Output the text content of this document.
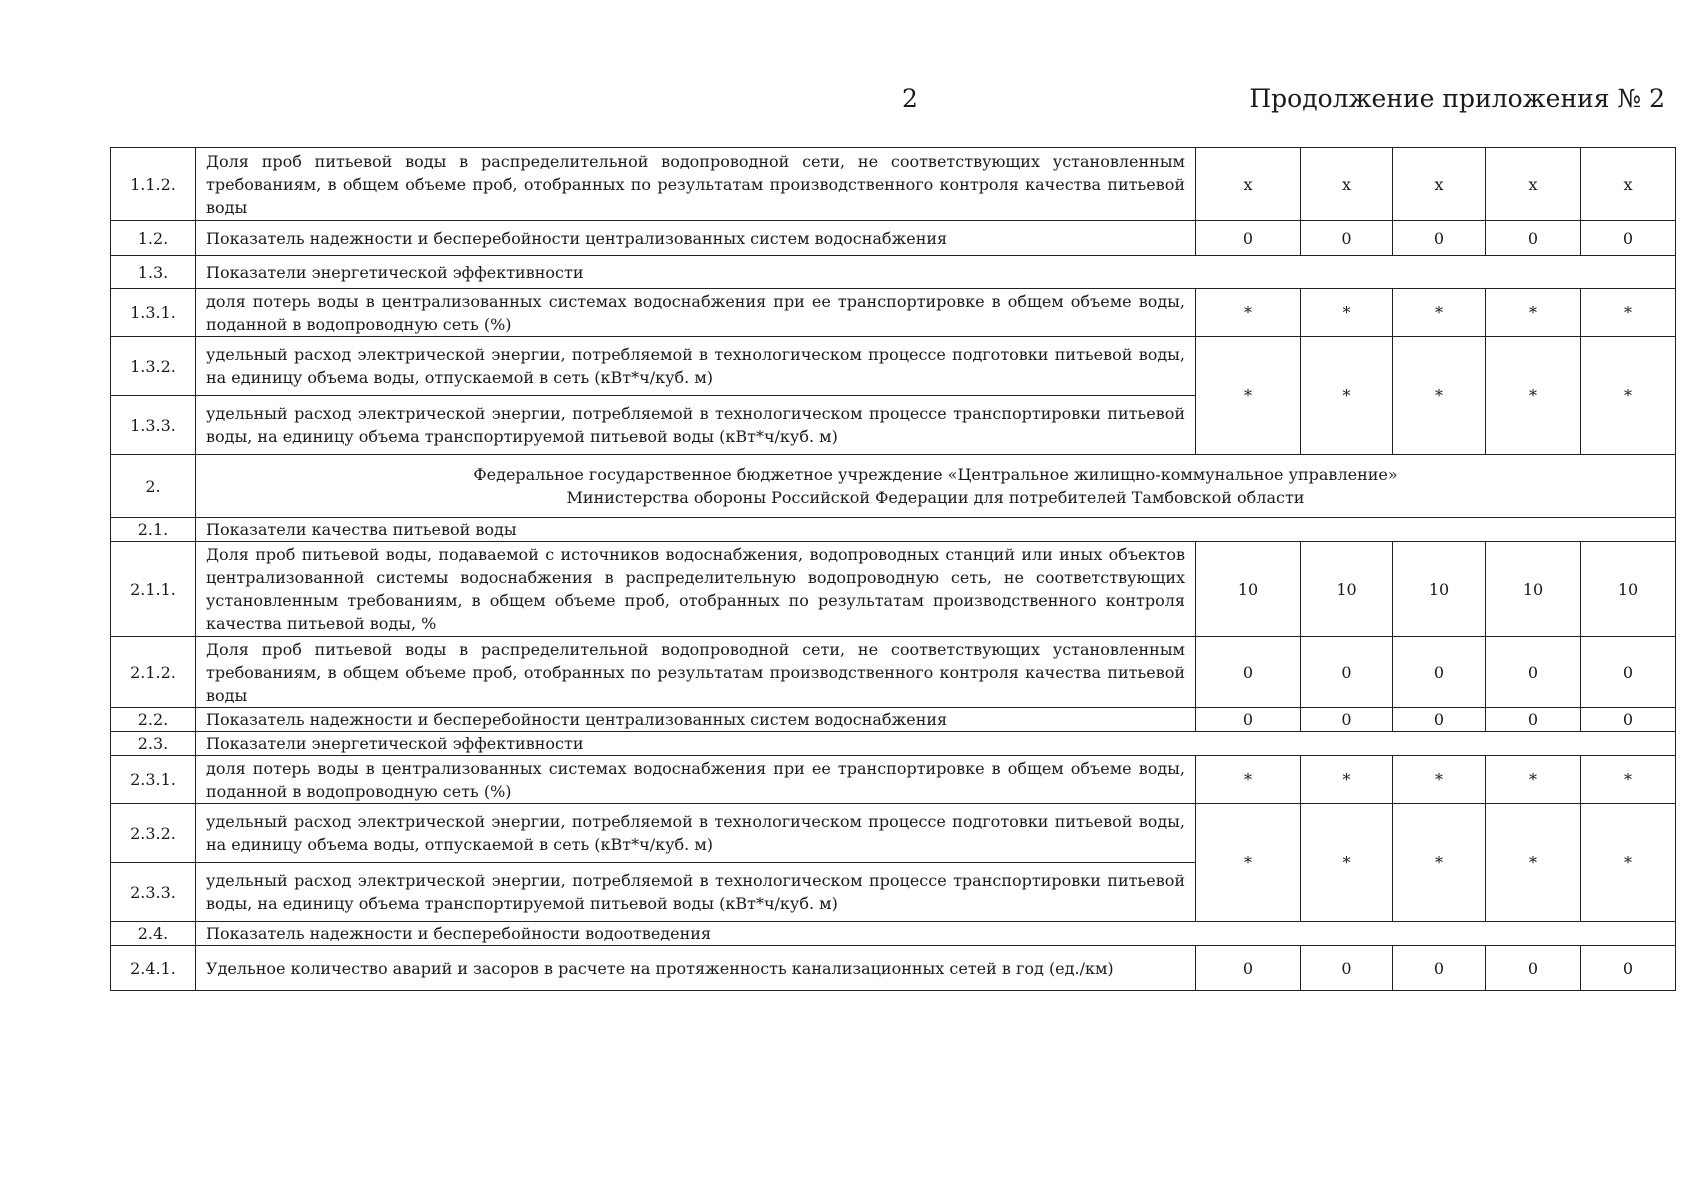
2	Продолжение приложения № 2
1.1.2.	Доля проб питьевой воды в распределительной водопроводной сети, не соответствующих установленным требованиям, в общем объеме проб, отобранных по результатам производственного контроля качества питьевой воды	x	x	x	x	x
1.2.	Показатель надежности и бесперебойности централизованных систем водоснабжения	0	0	0	0	0
1.3.	Показатели энергетической эффективности					
1.3.1.	доля потерь воды в централизованных системах водоснабжения при ее транспортировке в общем объеме воды, поданной в водопроводную сеть (%)	*	*	*	*	*
1.3.2.	удельный расход электрической энергии, потребляемой в технологическом процессе подготовки питьевой воды, на единицу объема воды, отпускаемой в сеть (кВт*ч/куб. м)	*	*	*	*	*
1.3.3.	удельный расход электрической энергии, потребляемой в технологическом процессе транспортировки питьевой воды, на единицу объема транспортируемой питьевой воды (кВт*ч/куб. м)					
2.	Федеральное государственное бюджетное учреждение «Центральное жилищно-коммунальное управление»
Министерства обороны Российской Федерации для потребителей Тамбовской области					

2.1.	Показатели качества питьевой воды					
2.1.1.	Доля проб питьевой воды, подаваемой с источников водоснабжения, водопроводных станций или иных объектов централизованной системы водоснабжения в распределительную водопроводную сеть, не соответствующих установленным требованиям, в общем объеме проб, отобранных по результатам производственного контроля качества питьевой воды, %	10	10	10	10	10
2.1.2.	Доля проб питьевой воды в распределительной водопроводной сети, не соответствующих установленным требованиям, в общем объеме проб, отобранных по результатам производственного контроля качества питьевой воды	0	0	0	0	0
2.2.	Показатель надежности и бесперебойности централизованных систем водоснабжения	0	0	0	0	0
2.3.	Показатели энергетической эффективности					
2.3.1.	доля потерь воды в централизованных системах водоснабжения при ее транспортировке в общем объеме воды, поданной в водопроводную сеть (%)	*	*	*	*	*
2.3.2.	удельный расход электрической энергии, потребляемой в технологическом процессе подготовки питьевой воды, на единицу объема воды, отпускаемой в сеть (кВт*ч/куб. м)	*	*	*	*	*
2.3.3.	удельный расход электрической энергии, потребляемой в технологическом процессе транспортировки питьевой воды, на единицу объема транспортируемой питьевой воды (кВт*ч/куб. м)					
2.4.	Показатель надежности и бесперебойности водоотведения					
2.4.1.	Удельное количество аварий и засоров в расчете на протяженность канализационных сетей в год (ед./км)	0	0	0	0	0
